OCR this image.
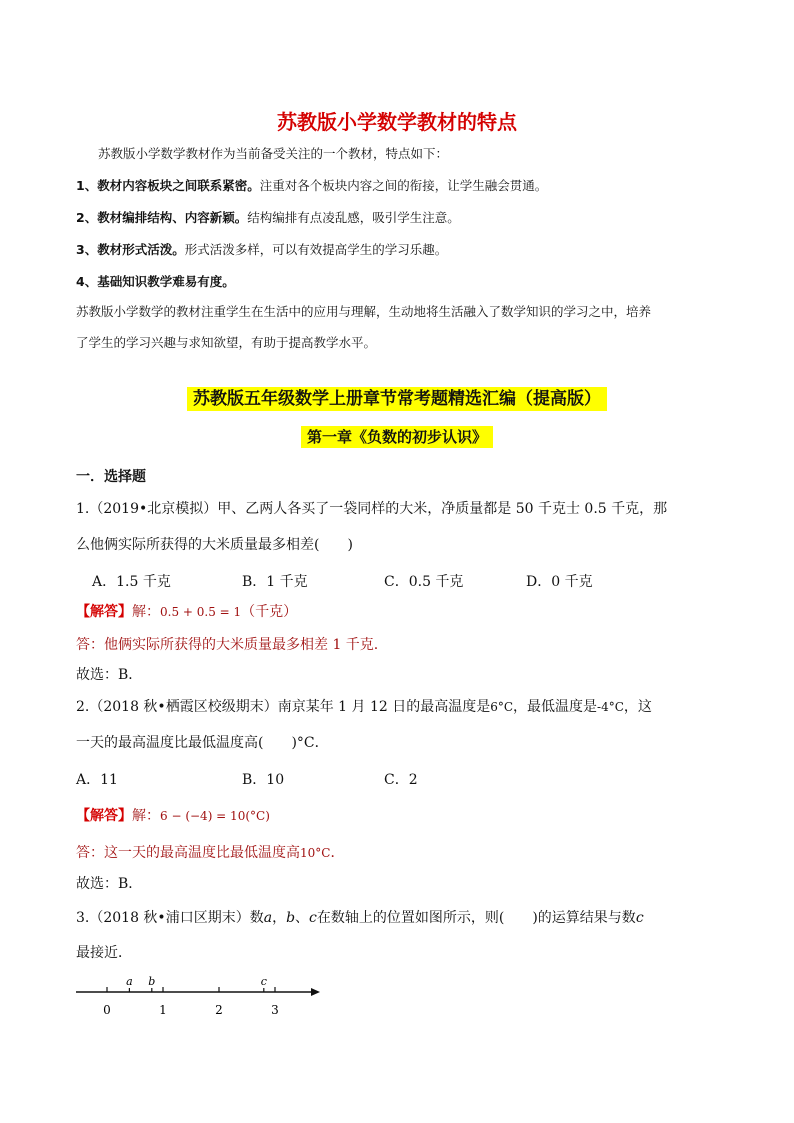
苏教版小学数学教材的特点
苏教版小学数学教材作为当前备受关注的一个教材，特点如下：
1、教材内容板块之间联系紧密。注重对各个板块内容之间的衔接，让学生融会贯通。
2、教材编排结构、内容新颖。结构编排有点凌乱感，吸引学生注意。
3、教材形式活泼。形式活泼多样，可以有效提高学生的学习乐趣。
4、基础知识教学难易有度。
苏教版小学数学的教材注重学生在生活中的应用与理解，生动地将生活融入了数学知识的学习之中，培养
了学生的学习兴趣与求知欲望，有助于提高教学水平。
苏教版五年级数学上册章节常考题精选汇编（提高版）
第一章《负数的初步认识》
一．选择题
1.（2019•北京模拟）甲、乙两人各买了一袋同样的大米，净质量都是 50 千克士 0.5 千克，那
么他俩实际所获得的大米质量最多相差(　　)
A．1.5 千克	B．1 千克	C．0.5 千克	D．0 千克
【解答】解：0.5 + 0.5 = 1（千克）
答：他俩实际所获得的大米质量最多相差 1 千克.
故选：B．
2.（2018 秋•栖霞区校级期末）南京某年 1 月 12 日的最高温度是6°C，最低温度是-4°C，这
一天的最高温度比最低温度高(　　)°C．
A．11	B．10	C．2
【解答】解：6 − (−4) = 10(°C)
答：这一天的最高温度比最低温度高10°C．
故选：B．
3.（2018 秋•浦口区期末）数a，b、c在数轴上的位置如图所示，则(　　)的运算结果与数c
最接近．
0	1	2	3
a b	c
